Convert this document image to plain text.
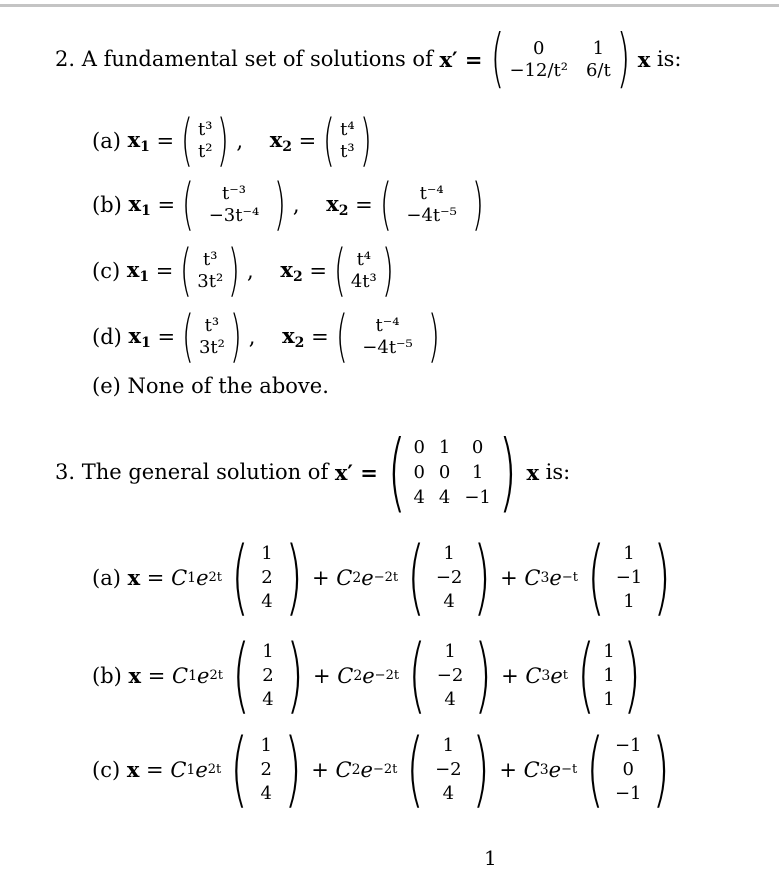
2.
A fundamental set of solutions of
x′ = ( 0	1
−12/t² 6/t ) x
is:
(a)
$x_1$ = ( t³
t² ) , $x_2$ = ( t⁴
t³ )
(b)
$x_1$ = ( t⁻³
−3t⁻⁴ ) , $x_2$ = ( t⁻⁴
−4t⁻⁵ )
(c)
$x_1$ = ( t³
3t² ) , $x_2$ = ( t⁴
4t³ )
(d)
$x_1$ = ( t³
3t² ) , $x_2$ = ( t⁻⁴
−4t⁻⁵ )
(e) None of the above.
3.
The general solution of
x′ = ( 0 1 0
0 0 1
4 4 −1 ) x
is:
(a)
x = C 1 e 2t ( 1
2
4 ) + C 2 e −2t ( 1
−2
4 ) + C 3 e −t ( 1
−1
1 )
(b)
x = C 1 e 2t ( 1
2
4 ) + C 2 e −2t ( 1
−2
4 ) + C 3 e t ( 1
1
1 )
(c)
x = C 1 e 2t ( 1
2
4 ) + C 2 e −2t ( 1
−2
4 ) + C 3 e −t ( −1
0
−1 )
1
